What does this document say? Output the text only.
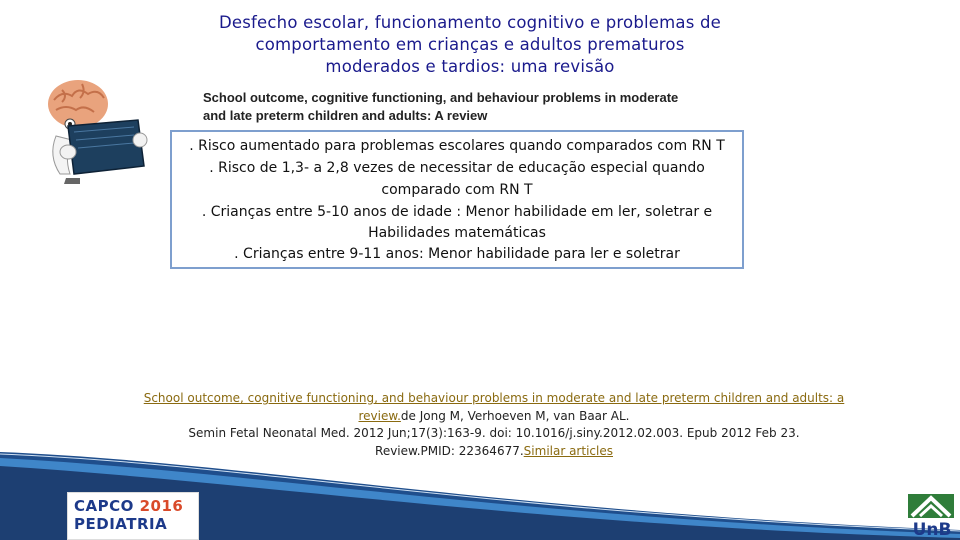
Desfecho escolar, funcionamento cognitivo e problemas de
comportamento em crianças e adultos prematuros
moderados e tardios: uma revisão
School outcome, cognitive functioning, and behaviour problems in moderate
and late preterm children and adults: A review
. Risco aumentado para problemas escolares quando comparados com RN T
. Risco de 1,3- a 2,8 vezes de necessitar de educação especial quando
comparado com RN T
. Crianças entre 5-10 anos de idade : Menor habilidade em ler, soletrar e
Habilidades matemáticas
. Crianças entre 9-11 anos: Menor habilidade para ler e soletrar
School outcome, cognitive functioning, and behaviour problems in moderate and late preterm children and adults: a
review.de Jong M, Verhoeven M, van Baar AL.
Semin Fetal Neonatal Med. 2012 Jun;17(3):163-9. doi: 10.1016/j.siny.2012.02.003. Epub 2012 Feb 23.
Review.PMID: 22364677.Similar articles
CAPCO 2016
PEDIATRIA	UnB
